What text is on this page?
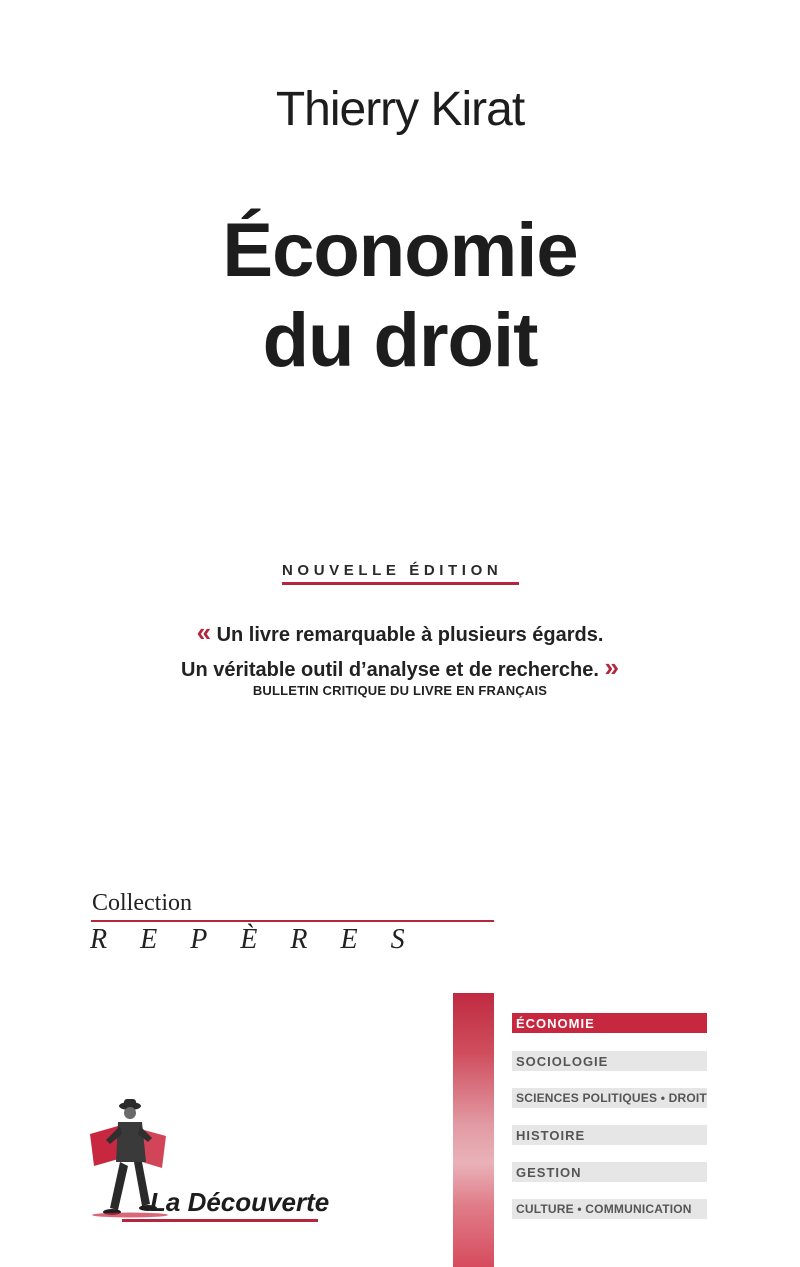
Thierry Kirat
Économie
du droit
NOUVELLE ÉDITION
« Un livre remarquable à plusieurs égards.
Un véritable outil d’analyse et de recherche. »
BULLETIN CRITIQUE DU LIVRE EN FRANÇAIS
Collection
REPÈRES
ÉCONOMIE
SOCIOLOGIE
SCIENCES POLITIQUES • DROIT
HISTOIRE
GESTION
CULTURE • COMMUNICATION
La Découverte
